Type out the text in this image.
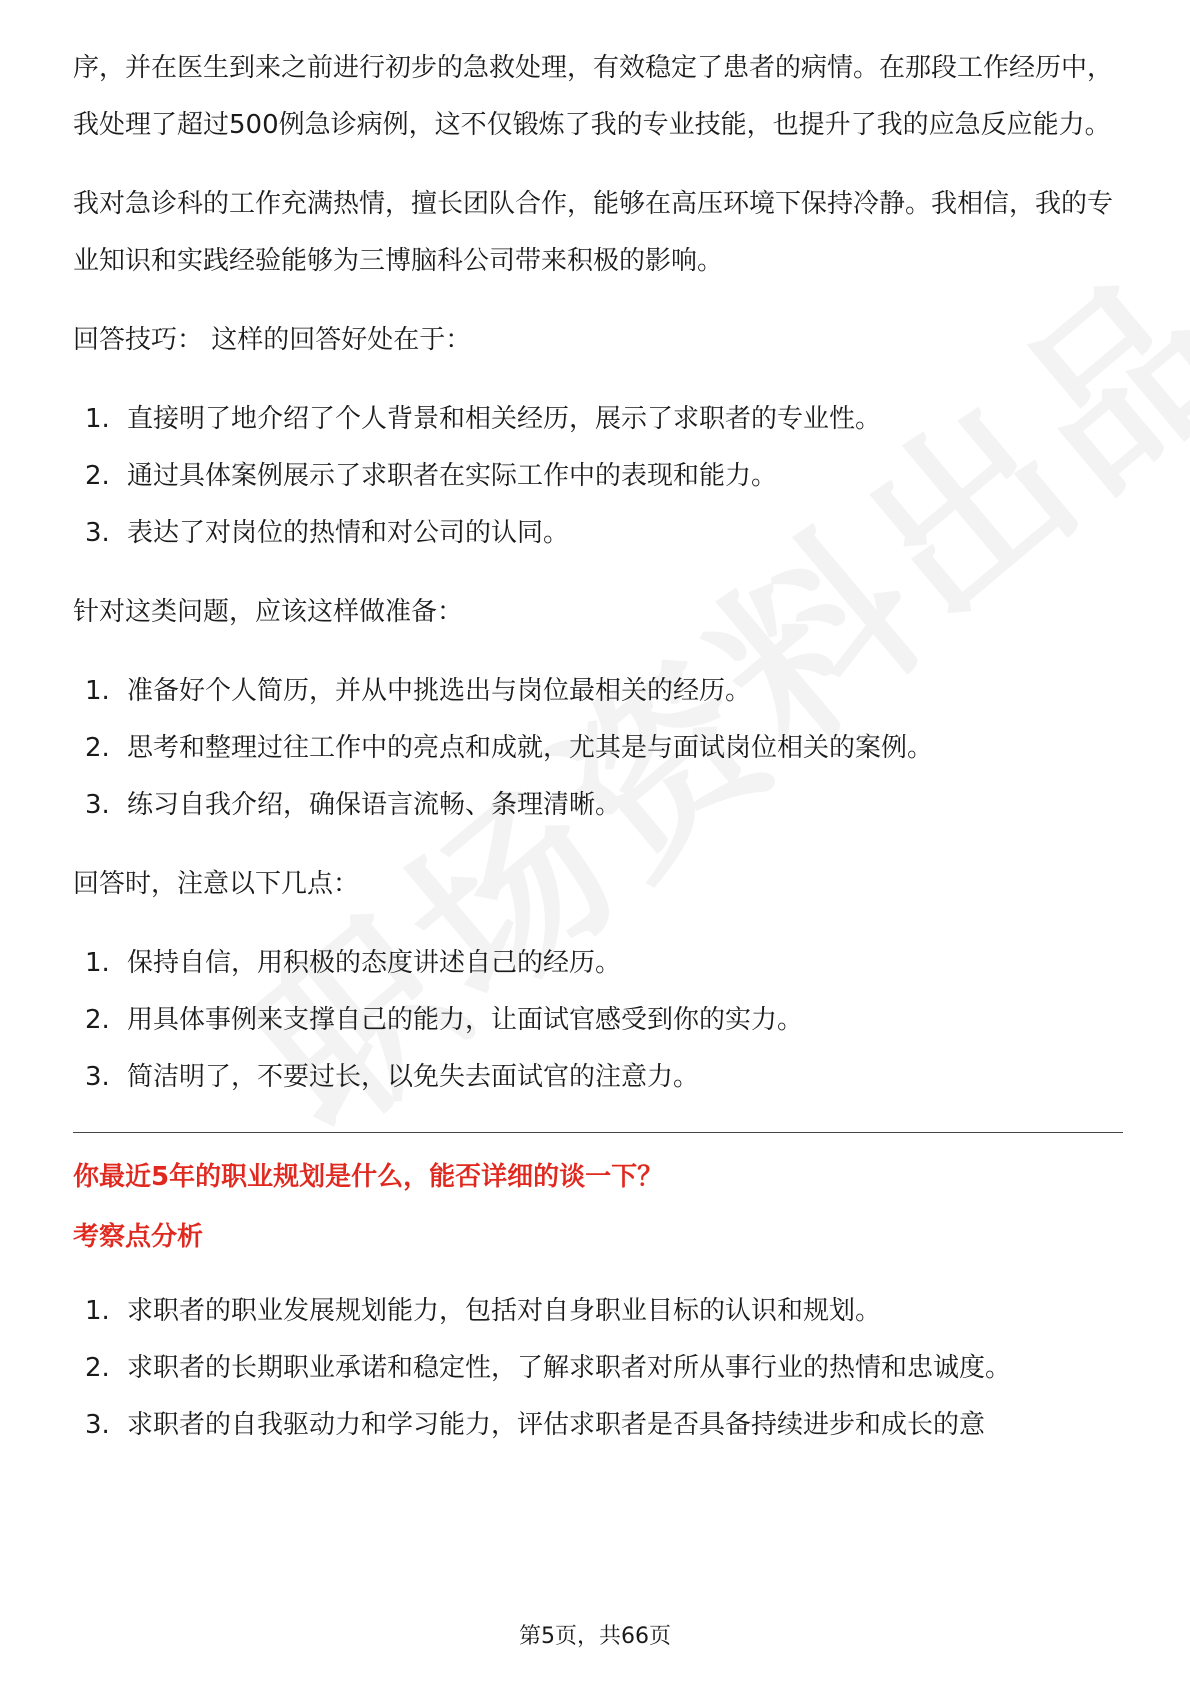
序，并在医生到来之前进行初步的急救处理，有效稳定了患者的病情。在那段工作经历中，我处理了超过500例急诊病例，这不仅锻炼了我的专业技能，也提升了我的应急反应能力。

我对急诊科的工作充满热情，擅长团队合作，能够在高压环境下保持冷静。我相信，我的专业知识和实践经验能够为三博脑科公司带来积极的影响。

回答技巧： 这样的回答好处在于：

1. 直接明了地介绍了个人背景和相关经历，展示了求职者的专业性。
2. 通过具体案例展示了求职者在实际工作中的表现和能力。
3. 表达了对岗位的热情和对公司的认同。

针对这类问题，应该这样做准备：

1. 准备好个人简历，并从中挑选出与岗位最相关的经历。
2. 思考和整理过往工作中的亮点和成就，尤其是与面试岗位相关的案例。
3. 练习自我介绍，确保语言流畅、条理清晰。

回答时，注意以下几点：

1. 保持自信，用积极的态度讲述自己的经历。
2. 用具体事例来支撑自己的能力，让面试官感受到你的实力。
3. 简洁明了，不要过长，以免失去面试官的注意力。

你最近5年的职业规划是什么，能否详细的谈一下？

考察点分析

1. 求职者的职业发展规划能力，包括对自身职业目标的认识和规划。
2. 求职者的长期职业承诺和稳定性，了解求职者对所从事行业的热情和忠诚度。
3. 求职者的自我驱动力和学习能力，评估求职者是否具备持续进步和成长的意
第5页，共66页
